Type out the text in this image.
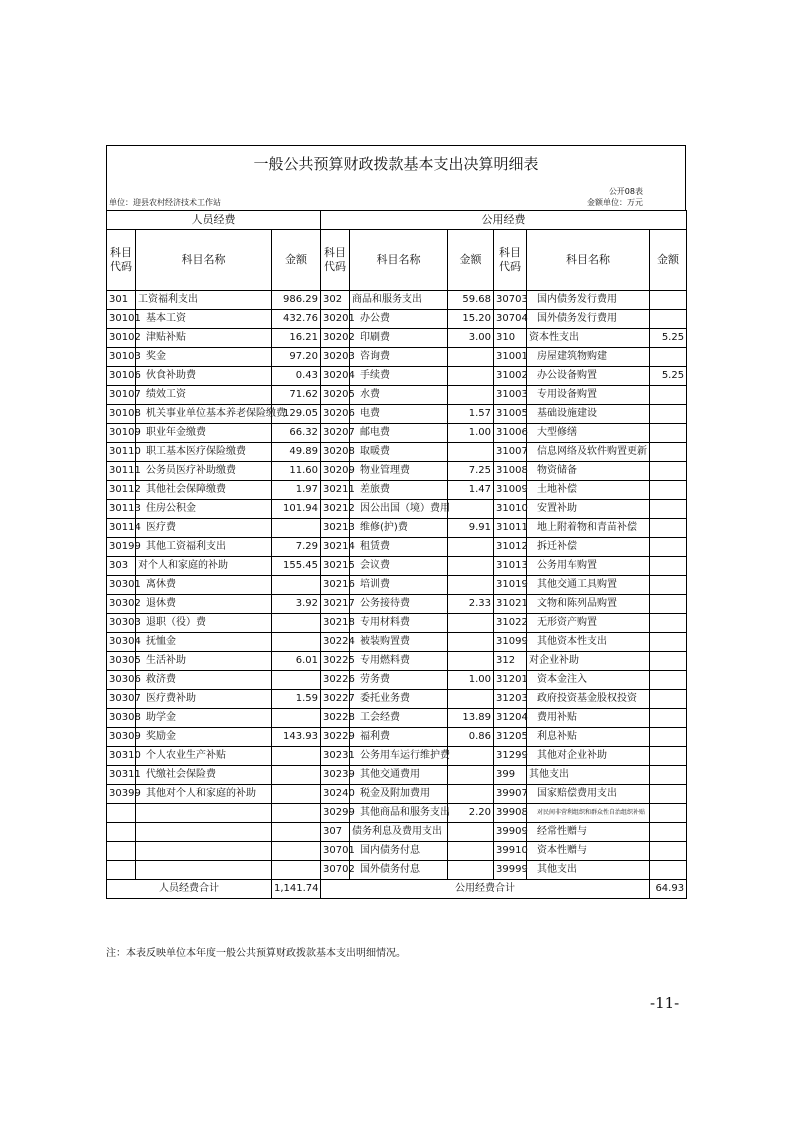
一般公共预算财政拨款基本支出决算明细表
公开08表
单位：迎县农村经济技术工作站	金额单位：万元
人员经费			公用经费					
科目代码	科目名称	金额	科目代码	科目名称	金额	科目代码	科目名称	金额
301	工资福利支出	986.29	302	商品和服务支出	59.68	30703	国内债务发行费用	
30101	基本工资	432.76	30201	办公费	15.20	30704	国外债务发行费用	
30102	津贴补贴	16.21	30202	印刷费	3.00	310	资本性支出	5.25
30103	奖金	97.20	30203	咨询费		31001	房屋建筑物购建	
30106	伙食补助费	0.43	30204	手续费		31002	办公设备购置	5.25
30107	绩效工资	71.62	30205	水费		31003	专用设备购置	
30108	机关事业单位基本养老保险缴费	129.05	30206	电费	1.57	31005	基础设施建设	
30109	职业年金缴费	66.32	30207	邮电费	1.00	31006	大型修缮	
30110	职工基本医疗保险缴费	49.89	30208	取暖费		31007	信息网络及软件购置更新	
30111	公务员医疗补助缴费	11.60	30209	物业管理费	7.25	31008	物资储备	
30112	其他社会保障缴费	1.97	30211	差旅费	1.47	31009	土地补偿	
30113	住房公积金	101.94	30212	因公出国（境）费用		31010	安置补助	
30114	医疗费		30213	维修(护)费	9.91	31011	地上附着物和青苗补偿	
30199	其他工资福利支出	7.29	30214	租赁费		31012	拆迁补偿	
303	对个人和家庭的补助	155.45	30215	会议费		31013	公务用车购置	
30301	离休费		30216	培训费		31019	其他交通工具购置	
30302	退休费	3.92	30217	公务接待费	2.33	31021	文物和陈列品购置	
30303	退职（役）费		30218	专用材料费		31022	无形资产购置	
30304	抚恤金		30224	被装购置费		31099	其他资本性支出	
30305	生活补助	6.01	30225	专用燃料费		312	对企业补助	
30306	救济费		30226	劳务费	1.00	31201	资本金注入	
30307	医疗费补助	1.59	30227	委托业务费		31203	政府投资基金股权投资	
30308	助学金		30228	工会经费	13.89	31204	费用补贴	
30309	奖励金	143.93	30229	福利费	0.86	31205	利息补贴	
30310	个人农业生产补贴		30231	公务用车运行维护费		31299	其他对企业补助	
30311	代缴社会保险费		30239	其他交通费用		399	其他支出	
30399	其他对个人和家庭的补助		30240	税金及附加费用		39907	国家赔偿费用支出	
			30299	其他商品和服务支出	2.20	39908	对民间非营利组织和群众性自治组织补贴	
			307	债务利息及费用支出		39909	经常性赠与	
			30701	国内债务付息		39910	资本性赠与	
			30702	国外债务付息		39999	其他支出	
人员经费合计		1,141.74	公用经费合计					64.93
注：本表反映单位本年度一般公共预算财政拨款基本支出明细情况。
-11-
